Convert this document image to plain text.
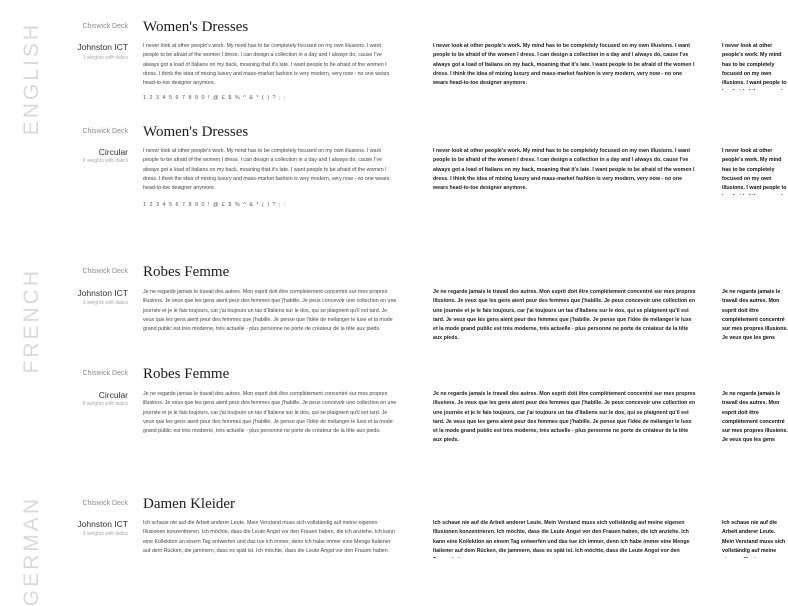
ENGLISH
FRENCH
GERMAN
Chiswick Deck Women's Dresses
Johnston ICT
3 weights with italics
I never look at other people's work. My mind has to be completely focused on my own illusions. I want people to be afraid of the women I dress. I can design a collection in a day and I always do, cause I've always got a load of Italians on my back, moaning that it's late. I want people to be afraid of the women I dress. I think the idea of mixing luxury and mass-market fashion is very modern, very now - no one wears head-to-toe designer anymore.
1 2 3 4 5 6 7 8 9 0 ! @ £ $ % ^ & * ( ) ? ; :
I never look at other people's work. My mind has to be completely focused on my own illusions. I want people to be afraid of the women I dress. I can design a collection in a day and I always do, cause I've always got a load of Italians on my back, moaning that it's late. I want people to be afraid of the women I dress. I think the idea of mixing luxury and mass-market fashion is very modern, very now - no one wears head-to-toe designer anymore.
I never look at other people's work. My mind has to be completely focused on my own illusions. I want people to
Chiswick Deck Women's Dresses
Circular
6 weights with italics
I never look at other people's work. My mind has to be completely focused on my own illusions. I want people to be afraid of the women I dress. I can design a collection in a day and I always do, cause I've always got a load of Italians on my back, moaning that it's late. I want people to be afraid of the women I dress. I think the idea of mixing luxury and mass-market fashion is very modern, very now - no one wears head-to-toe designer anymore.
1 2 3 4 5 6 7 8 9 0 ! @ £ $ % ^ & * ( ) ? ; :
I never look at other people's work. My mind has to be completely focused on my own illusions. I want people to be afraid of the women I dress. I can design a collection in a day and I always do, cause I've always got a load of Italians on my back, moaning that it's late. I want people to be afraid of the women I dress. I think the idea of mixing luxury and mass-market fashion is very modern, very now - no one wears head-to-toe designer anymore.
I never look at other people's work. My mind has to be completely focused on my own illusions. I want people to
Chiswick Deck Robes Femme
Johnston ICT
3 weights with italics
Je ne regarde jamais le travail des autres. Mon esprit doit être complètement concentré sur mes propres illusions. Je veux que les gens aient peur des femmes que j'habille. Je peux concevoir une collection en une journée et je le fais toujours, car j'ai toujours un tas d'Italiens sur le dos, qui se plaignent qu'il est tard. Je veux que les gens aient peur des femmes que j'habille. Je pense que l'idée de mélanger le luxe et la mode grand public est très moderne, très actuelle - plus personne ne porte de créateur de la tête aux pieds.
Je ne regarde jamais le travail des autres. Mon esprit doit être complètement concentré sur mes propres illusions. Je veux que les gens aient peur des femmes que j'habille. Je peux concevoir une collection en une journée et je le fais toujours, car j'ai toujours un tas d'Italiens sur le dos, qui se plaignent qu'il est tard. Je veux que les gens aient peur des femmes que j'habille. Je pense que l'idée de mélanger le luxe et la mode grand public est très moderne, très actuelle - plus personne ne porte de créateur de la tête aux pieds.
Je ne regarde jamais le travail des autres. Mon esprit doit être complètement concentré sur mes propres illusions. Je veux que les gens
Chiswick Deck Robes Femme
Circular
6 weights with italics
Je ne regarde jamais le travail des autres. Mon esprit doit être complètement concentré sur mes propres illusions. Je veux que les gens aient peur des femmes que j'habille. Je peux concevoir une collection en une journée et je le fais toujours, car j'ai toujours un tas d'Italiens sur le dos, qui se plaignent qu'il est tard. Je veux que les gens aient peur des femmes que j'habille. Je pense que l'idée de mélanger le luxe et la mode grand public est très moderne, très actuelle - plus personne ne porte de créateur de la tête aux pieds.
Je ne regarde jamais le travail des autres. Mon esprit doit être complètement concentré sur mes propres illusions. Je veux que les gens aient peur des femmes que j'habille. Je peux concevoir une collection en une journée et je le fais toujours, car j'ai toujours un tas d'Italiens sur le dos, qui se plaignent qu'il est tard. Je veux que les gens aient peur des femmes que j'habille. Je pense que l'idée de mélanger le luxe et la mode grand public est très moderne, très actuelle - plus personne ne porte de créateur de la tête aux pieds.
Je ne regarde jamais le travail des autres. Mon esprit doit être complètement concentré sur mes propres illusions. Je veux que les gens
Chiswick Deck Damen Kleider
Johnston ICT
3 weights with italics
Ich schaue nie auf die Arbeit anderer Leute. Mein Verstand muss sich vollständig auf meine eigenen Illusionen konzentrieren. Ich möchte, dass die Leute Angst vor den Frauen haben, die ich anziehe. Ich kann eine Kollektion an einem Tag entwerfen und das tue ich immer, denn ich habe immer eine Menge Italiener auf dem Rücken, die jammern, dass es spät ist. Ich möchte, dass die Leute Angst vor den Frauen haben.
Ich schaue nie auf die Arbeit anderer Leute. Mein Verstand muss sich vollständig auf meine eigenen Illusionen konzentrieren. Ich möchte, dass die Leute Angst vor den Frauen haben, die ich anziehe. Ich kann eine Kollektion an einem Tag entwerfen und das tue ich immer, denn ich habe immer eine Menge Italiener auf dem Rücken, die jammern, dass es spät ist. Ich möchte, dass die Leute Angst vor den
Ich schaue nie auf die Arbeit anderer Leute. Mein Verstand muss sich vollständig auf meine
